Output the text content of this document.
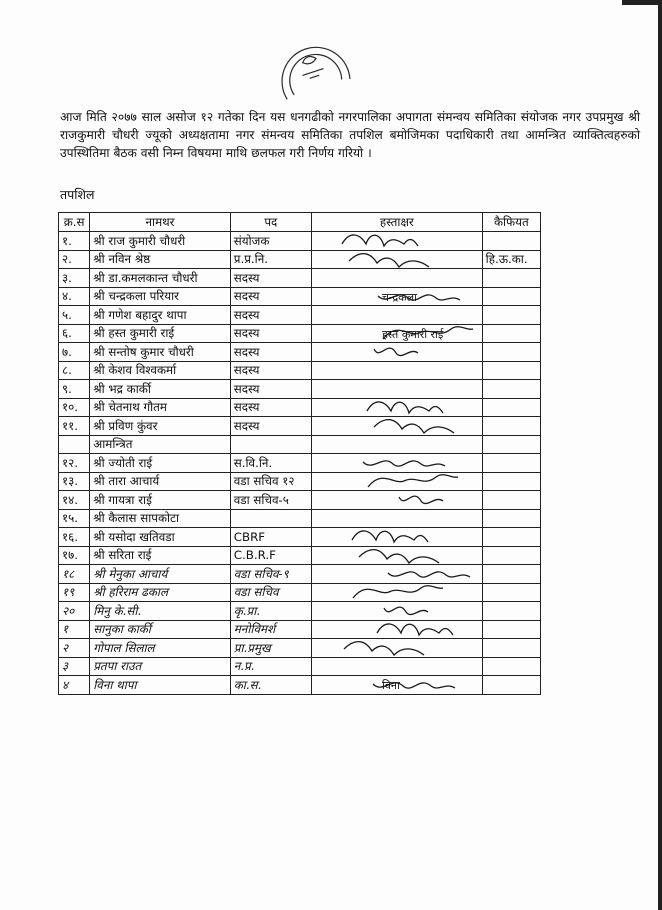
आज मिति २०७७ साल असोज १२ गतेका दिन यस धनगढीको नगरपालिका अपागता संमन्वय समितिका संयोजक नगर उपप्रमुख श्री राजकुमारी चौधरी ज्यूको अध्यक्षतामा नगर संमन्वय समितिका तपशिल बमोजिमका पदाधिकारी तथा आमन्त्रित व्याक्तित्वहरुको उपस्थितिमा बैठक वसी निम्न विषयमा माथि छलफल गरी निर्णय गरियो ।
तपशिल
क्र.स	नामथर	पद	हस्ताक्षर	कैफियत
१.	श्री राज कुमारी चौधरी	संयोजक	

२.	श्री नविन श्रेष्ठ	प्र.प्र.नि.		हि.ऊ.का.
३.	श्री डा.कमलकान्त चौधरी	सदस्य		
४.	श्री चन्द्रकला परियार	सदस्य	चन्द्रकला	

५.	श्री गणेश बहादुर थापा	सदस्य		
६.	श्री हस्त कुमारी राई	सदस्य	हस्त कुमारी राई	

७.	श्री सन्तोष कुमार चौधरी	सदस्य	

८.	श्री केशव विश्वकर्मा	सदस्य		
९.	श्री भद्र कार्की	सदस्य		
१०.	श्री चेतनाथ गौतम	सदस्य	

११.	श्री प्रविण कुंवर	सदस्य	

	आमन्त्रित			
१२.	श्री ज्योती राई	स.वि.नि.	

१३.	श्री तारा आचार्य	वडा सचिव १२	

१४.	श्री गायत्रा राई	वडा सचिव-५	

१५.	श्री कैलास सापकोटा			
१६.	श्री यसोदा खतिवडा	CBRF	

१७.	श्री सरिता राई	C.B.R.F	

१८	श्री मेनुका आचार्य	वडा सचिव-९	

१९	श्री हरिराम ढकाल	वडा सचिव	

२०	मिनु के.सी.	कृ.प्रा.	

१	सानुका कार्की	मनोविमर्श	

२	गोपाल सिलाल	प्रा.प्रमुख	

३	प्रतपा राउत	न.प्र.		
४	विना थापा	का.स.	विना	
